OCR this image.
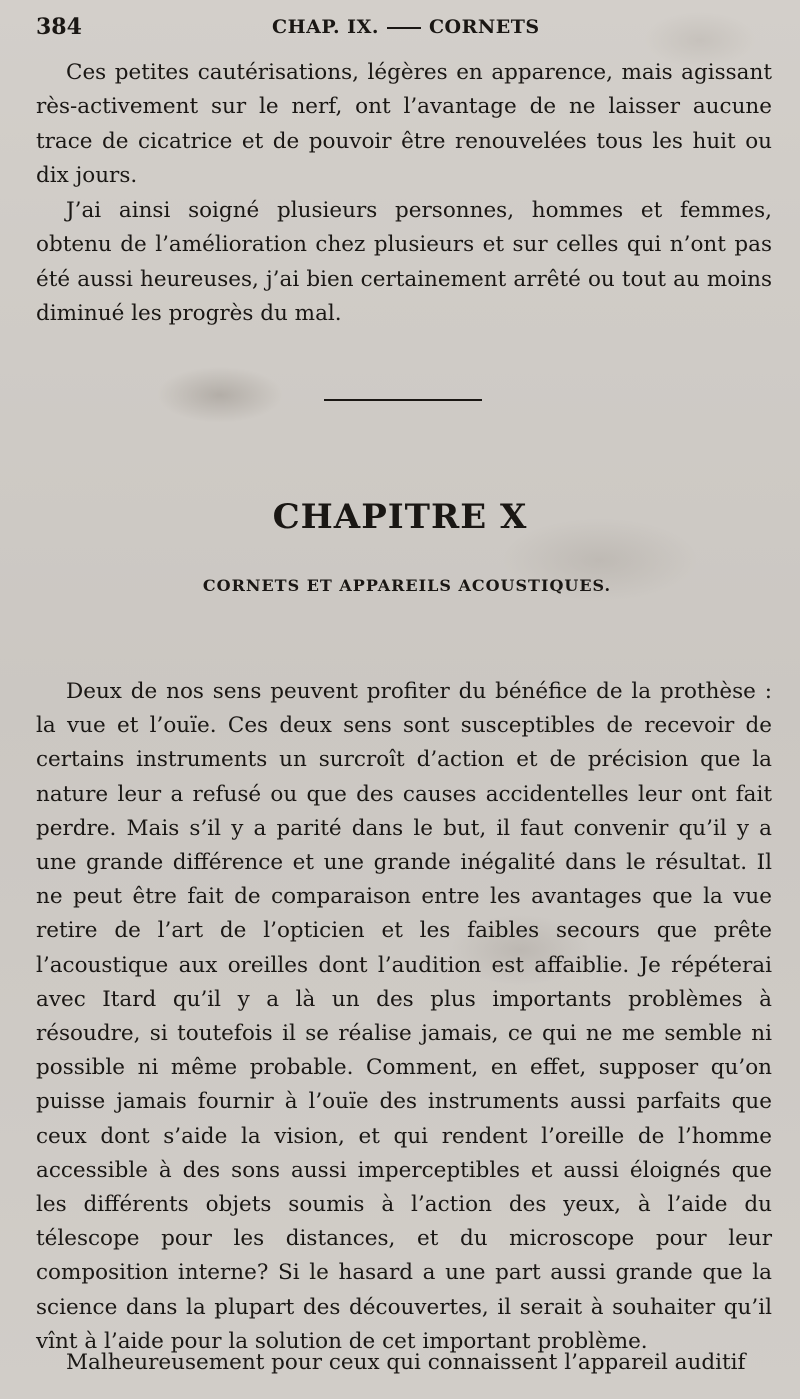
384	CHAP. IX.	CORNETS

Ces petites cautérisations, légères en apparence, mais agissant rès-activement sur le nerf, ont l’avantage de ne laisser aucune trace de cicatrice et de pouvoir être renouvelées tous les huit ou dix jours.

J’ai ainsi soigné plusieurs personnes, hommes et femmes, obtenu de l’amélioration chez plusieurs et sur celles qui n’ont pas été aussi heureuses, j’ai bien certainement arrêté ou tout au moins diminué les progrès du mal.

CHAPITRE X
CORNETS ET APPAREILS ACOUSTIQUES.

Deux de nos sens peuvent profiter du bénéfice de la prothèse : la vue et l’ouïe. Ces deux sens sont susceptibles de recevoir de certains instruments un surcroît d’action et de précision que la nature leur a refusé ou que des causes accidentelles leur ont fait perdre. Mais s’il y a parité dans le but, il faut convenir qu’il y a une grande différence et une grande inégalité dans le résultat. Il ne peut être fait de comparaison entre les avantages que la vue retire de l’art de l’opticien et les faibles secours que prête l’acoustique aux oreilles dont l’audition est affaiblie. Je répéterai avec Itard qu’il y a là un des plus importants problèmes à résoudre, si toutefois il se réalise jamais, ce qui ne me semble ni possible ni même probable. Comment, en effet, supposer qu’on puisse jamais fournir à l’ouïe des instruments aussi parfaits que ceux dont s’aide la vision, et qui rendent l’oreille de l’homme accessible à des sons aussi imperceptibles et aussi éloignés que les différents objets soumis à l’action des yeux, à l’aide du télescope pour les distances, et du microscope pour leur composition interne? Si le hasard a une part aussi grande que la science dans la plupart des découvertes, il serait à souhaiter qu’il vînt à l’aide pour la solution de cet important problème.

Malheureusement pour ceux qui connaissent l’appareil auditif
